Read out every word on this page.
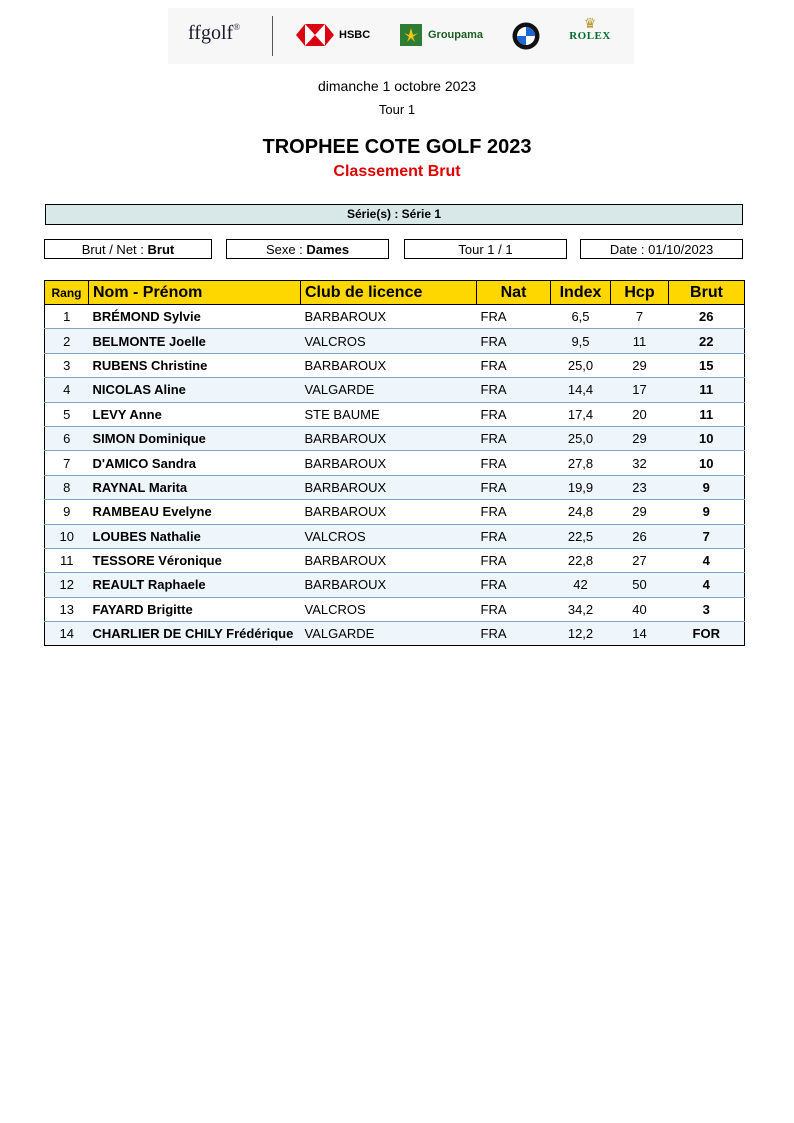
ffgolf®
HSBC	Groupama
♛
ROLEX
dimanche 1 octobre 2023
Tour 1
TROPHEE COTE GOLF 2023
Classement Brut
Série(s) : Série 1
Brut / Net : Brut	Sexe : Dames	Tour 1 / 1	Date : 01/10/2023
Rang	Nom - Prénom	Club de licence	Nat	Index	Hcp	Brut
1	BRÉMOND Sylvie	BARBAROUX	FRA	6,5	7	26
2	BELMONTE Joelle	VALCROS	FRA	9,5	11	22
3	RUBENS Christine	BARBAROUX	FRA	25,0	29	15
4	NICOLAS Aline	VALGARDE	FRA	14,4	17	11
5	LEVY Anne	STE BAUME	FRA	17,4	20	11
6	SIMON Dominique	BARBAROUX	FRA	25,0	29	10
7	D'AMICO Sandra	BARBAROUX	FRA	27,8	32	10
8	RAYNAL Marita	BARBAROUX	FRA	19,9	23	9
9	RAMBEAU Evelyne	BARBAROUX	FRA	24,8	29	9
10	LOUBES Nathalie	VALCROS	FRA	22,5	26	7
11	TESSORE Véronique	BARBAROUX	FRA	22,8	27	4
12	REAULT Raphaele	BARBAROUX	FRA	42	50	4
13	FAYARD Brigitte	VALCROS	FRA	34,2	40	3
14	CHARLIER DE CHILY Frédérique	VALGARDE	FRA	12,2	14	FOR
